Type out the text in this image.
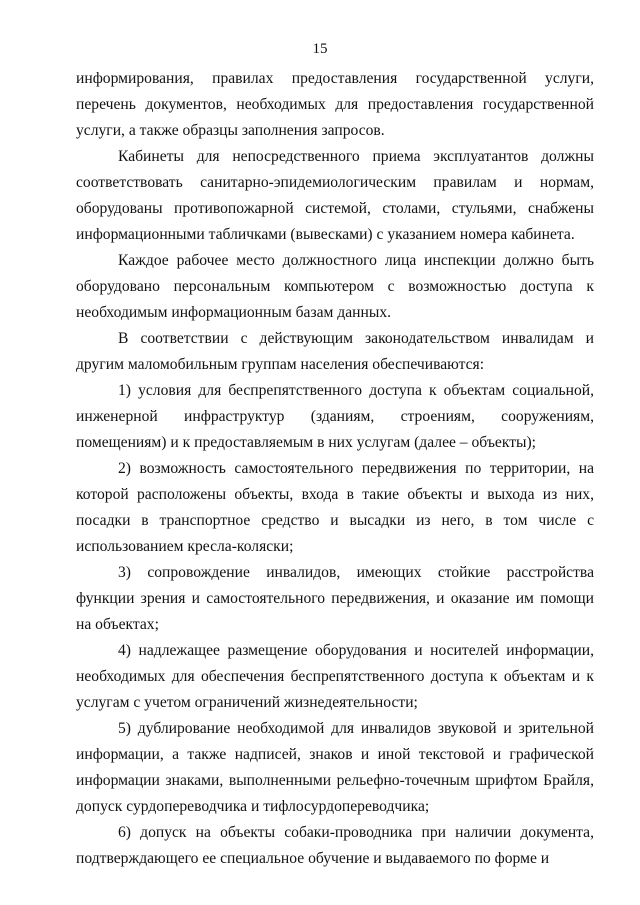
15

информирования, правилах предоставления государственной услуги, перечень документов, необходимых для предоставления государственной услуги, а также образцы заполнения запросов.

Кабинеты для непосредственного приема эксплуатантов должны соответствовать санитарно-эпидемиологическим правилам и нормам, оборудованы противопожарной системой, столами, стульями, снабжены информационными табличками (вывесками) с указанием номера кабинета.

Каждое рабочее место должностного лица инспекции должно быть оборудовано персональным компьютером с возможностью доступа к необходимым информационным базам данных.

В соответствии с действующим законодательством инвалидам и другим маломобильным группам населения обеспечиваются:

1) условия для беспрепятственного доступа к объектам социальной, инженерной инфраструктур (зданиям, строениям, сооружениям, помещениям) и к предоставляемым в них услугам (далее – объекты);

2) возможность самостоятельного передвижения по территории, на которой расположены объекты, входа в такие объекты и выхода из них, посадки в транспортное средство и высадки из него, в том числе с использованием кресла-коляски;

3) сопровождение инвалидов, имеющих стойкие расстройства функции зрения и самостоятельного передвижения, и оказание им помощи на объектах;

4) надлежащее размещение оборудования и носителей информации, необходимых для обеспечения беспрепятственного доступа к объектам и к услугам с учетом ограничений жизнедеятельности;

5) дублирование необходимой для инвалидов звуковой и зрительной информации, а также надписей, знаков и иной текстовой и графической информации знаками, выполненными рельефно-точечным шрифтом Брайля, допуск сурдопереводчика и тифлосурдопереводчика;

6) допуск на объекты собаки-проводника при наличии документа, подтверждающего ее специальное обучение и выдаваемого по форме и
